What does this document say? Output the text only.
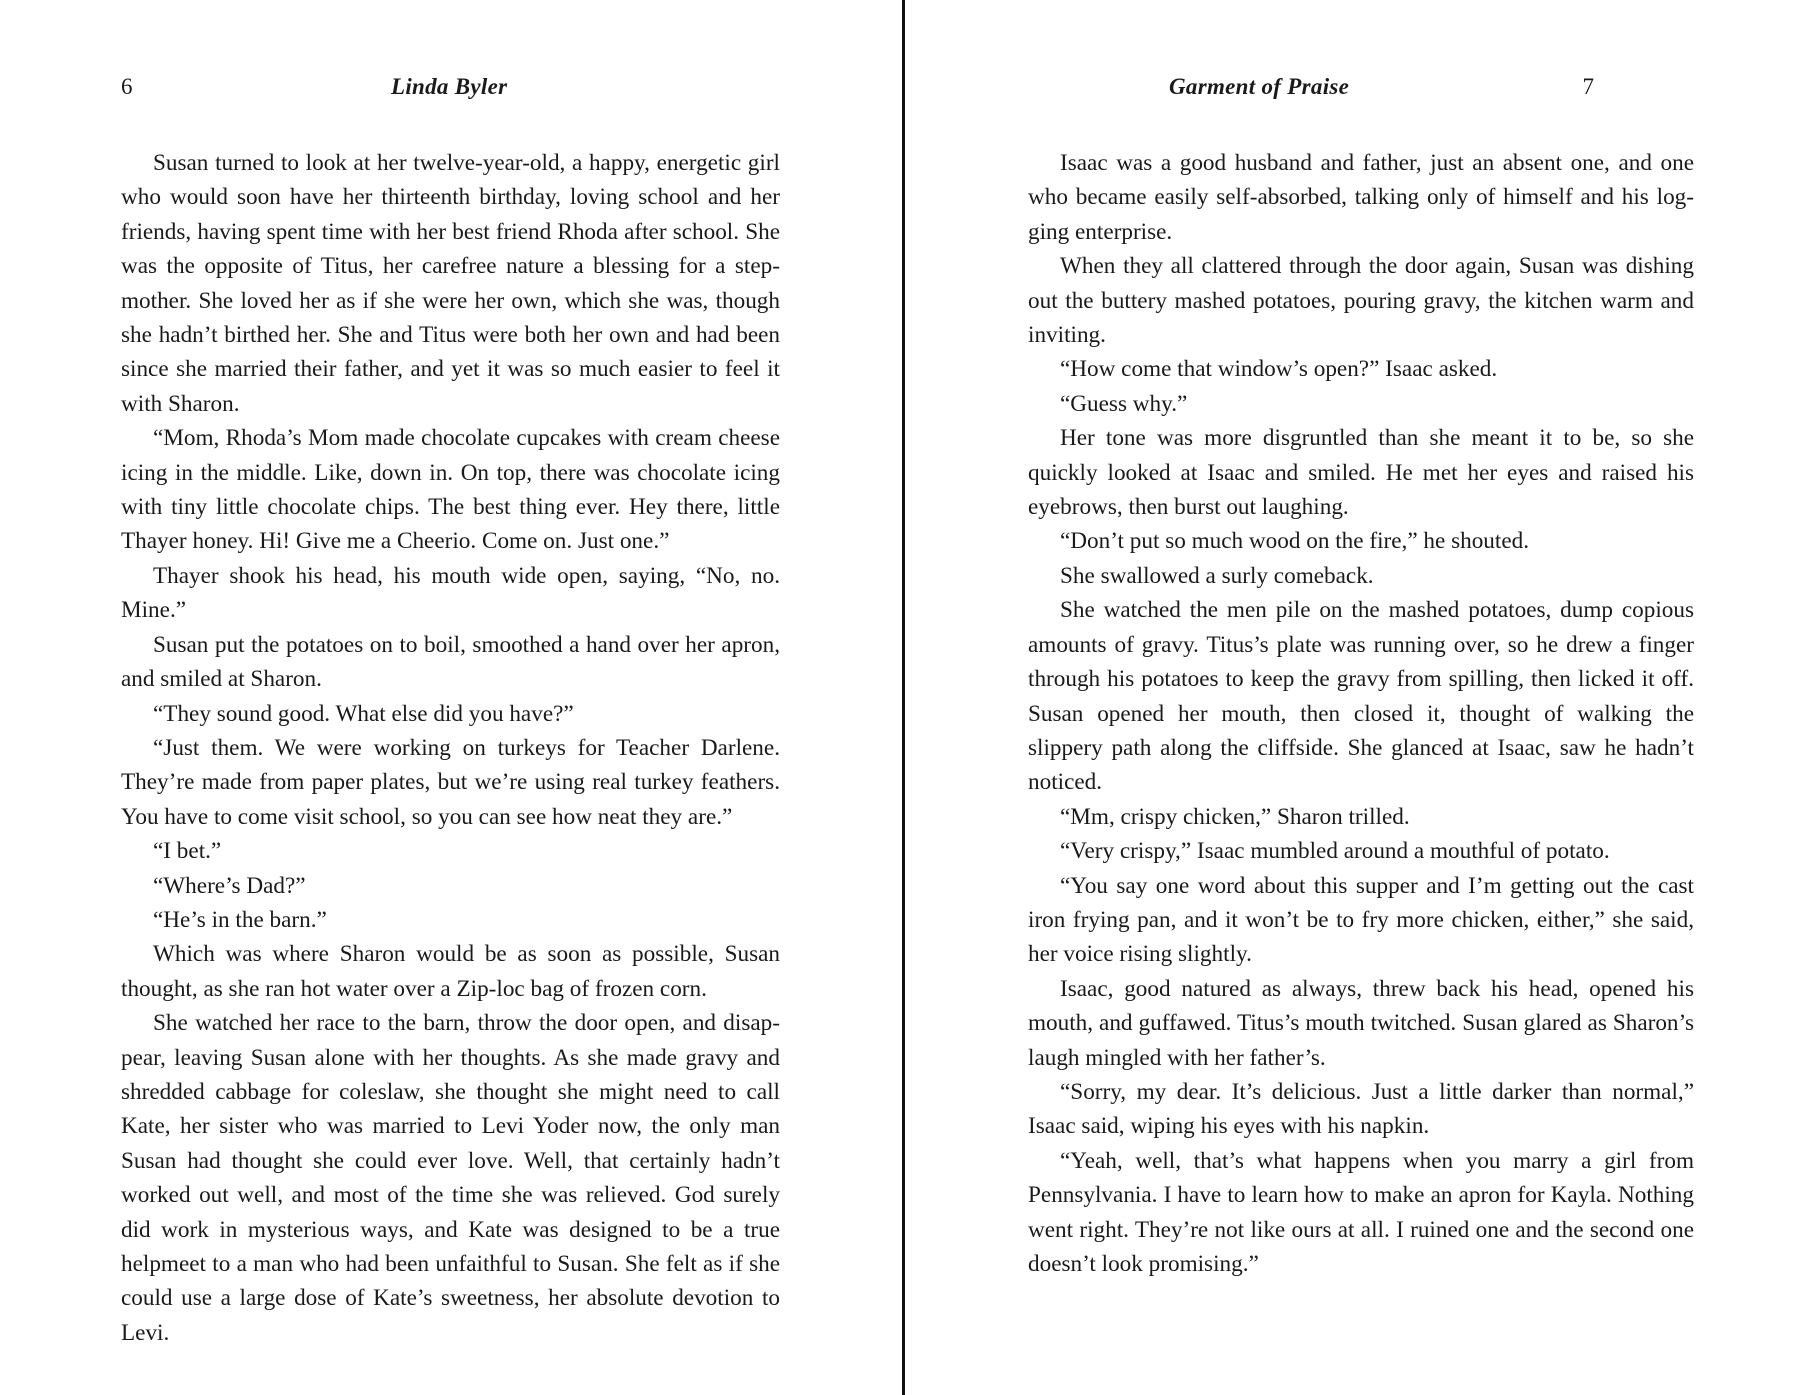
6	Linda Byler

Susan turned to look at her twelve-year-old, a happy, energetic girl who would soon have her thirteenth birthday, loving school and her friends, having spent time with her best friend Rhoda after school. She was the opposite of Titus, her carefree nature a blessing for a stepmother. She loved her as if she were her own, which she was, though she hadn’t birthed her. She and Titus were both her own and had been since she married their father, and yet it was so much easier to feel it with Sharon.

“Mom, Rhoda’s Mom made chocolate cupcakes with cream cheese icing in the middle. Like, down in. On top, there was chocolate icing with tiny little chocolate chips. The best thing ever. Hey there, little Thayer honey. Hi! Give me a Cheerio. Come on. Just one.”

Thayer shook his head, his mouth wide open, saying, “No, no. Mine.”

Susan put the potatoes on to boil, smoothed a hand over her apron, and smiled at Sharon.

“They sound good. What else did you have?”

“Just them. We were working on turkeys for Teacher Darlene. They’re made from paper plates, but we’re using real turkey feathers. You have to come visit school, so you can see how neat they are.”

“I bet.”

“Where’s Dad?”

“He’s in the barn.”

Which was where Sharon would be as soon as possible, Susan thought, as she ran hot water over a Zip-loc bag of frozen corn.

She watched her race to the barn, throw the door open, and disappear, leaving Susan alone with her thoughts. As she made gravy and shredded cabbage for coleslaw, she thought she might need to call Kate, her sister who was married to Levi Yoder now, the only man Susan had thought she could ever love. Well, that certainly hadn’t worked out well, and most of the time she was relieved. God surely did work in mysterious ways, and Kate was designed to be a true helpmeet to a man who had been unfaithful to Susan. She felt as if she could use a large dose of Kate’s sweetness, her absolute devotion to Levi.

Garment of Praise	7

Isaac was a good husband and father, just an absent one, and one who became easily self-absorbed, talking only of himself and his logging enterprise.

When they all clattered through the door again, Susan was dishing out the buttery mashed potatoes, pouring gravy, the kitchen warm and inviting.

“How come that window’s open?” Isaac asked.

“Guess why.”

Her tone was more disgruntled than she meant it to be, so she quickly looked at Isaac and smiled. He met her eyes and raised his eyebrows, then burst out laughing.

“Don’t put so much wood on the fire,” he shouted.

She swallowed a surly comeback.

She watched the men pile on the mashed potatoes, dump copious amounts of gravy. Titus’s plate was running over, so he drew a finger through his potatoes to keep the gravy from spilling, then licked it off. Susan opened her mouth, then closed it, thought of walking the slippery path along the cliffside. She glanced at Isaac, saw he hadn’t noticed.

“Mm, crispy chicken,” Sharon trilled.

“Very crispy,” Isaac mumbled around a mouthful of potato.

“You say one word about this supper and I’m getting out the cast iron frying pan, and it won’t be to fry more chicken, either,” she said, her voice rising slightly.

Isaac, good natured as always, threw back his head, opened his mouth, and guffawed. Titus’s mouth twitched. Susan glared as Sharon’s laugh mingled with her father’s.

“Sorry, my dear. It’s delicious. Just a little darker than normal,” Isaac said, wiping his eyes with his napkin.

“Yeah, well, that’s what happens when you marry a girl from Pennsylvania. I have to learn how to make an apron for Kayla. Nothing went right. They’re not like ours at all. I ruined one and the second one doesn’t look promising.”
